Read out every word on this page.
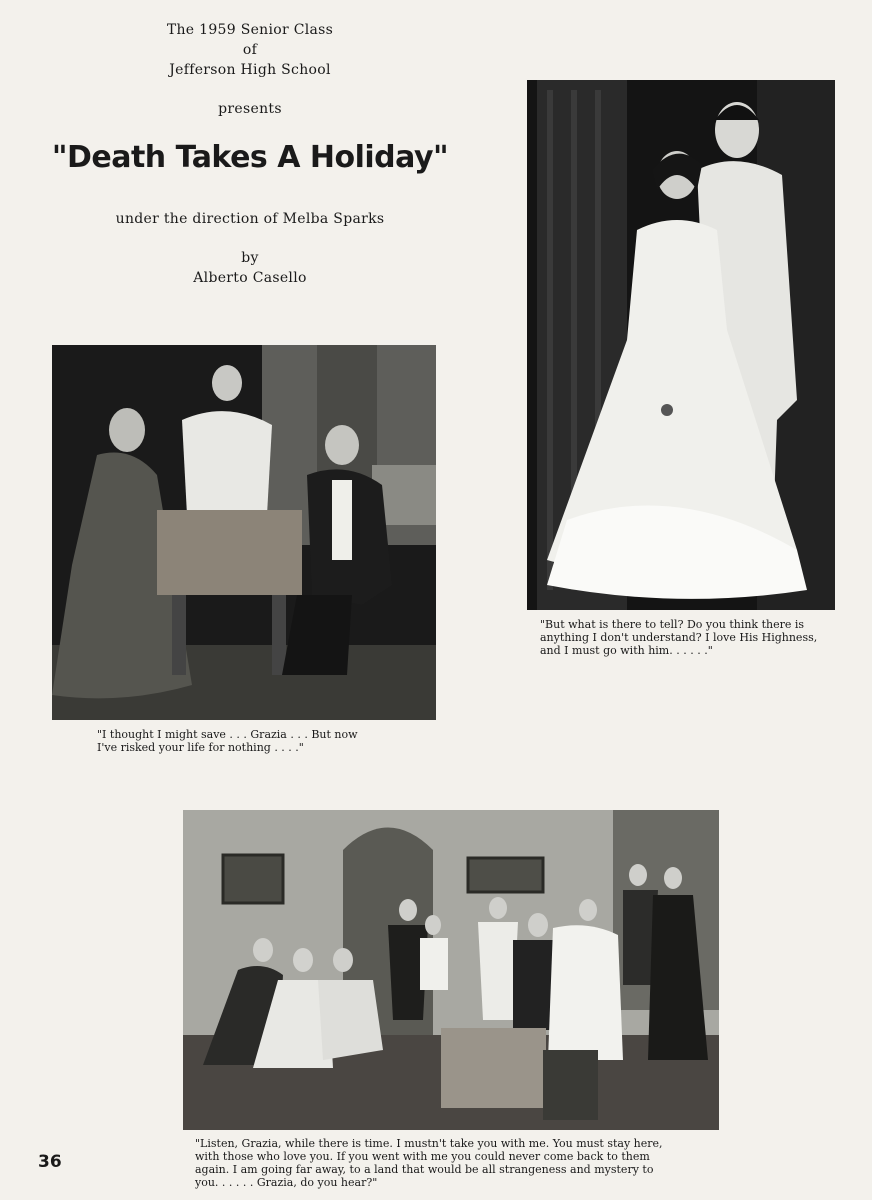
The 1959 Senior Class
of
Jefferson High School
presents
"Death Takes A Holiday"
under the direction of Melba Sparks
by
Alberto Casello
"But what is there to tell? Do you think there is
anything I don't understand? I love His Highness,
and I must go with him. . . . . ."
"I thought I might save . . . Grazia . . . But now
I've risked your life for nothing . . . ."
"Listen, Grazia, while there is time. I mustn't take you with me. You must stay here,
with those who love you. If you went with me you could never come back to them
again. I am going far away, to a land that would be all strangeness and mystery to
you. . . . . . Grazia, do you hear?"
36
